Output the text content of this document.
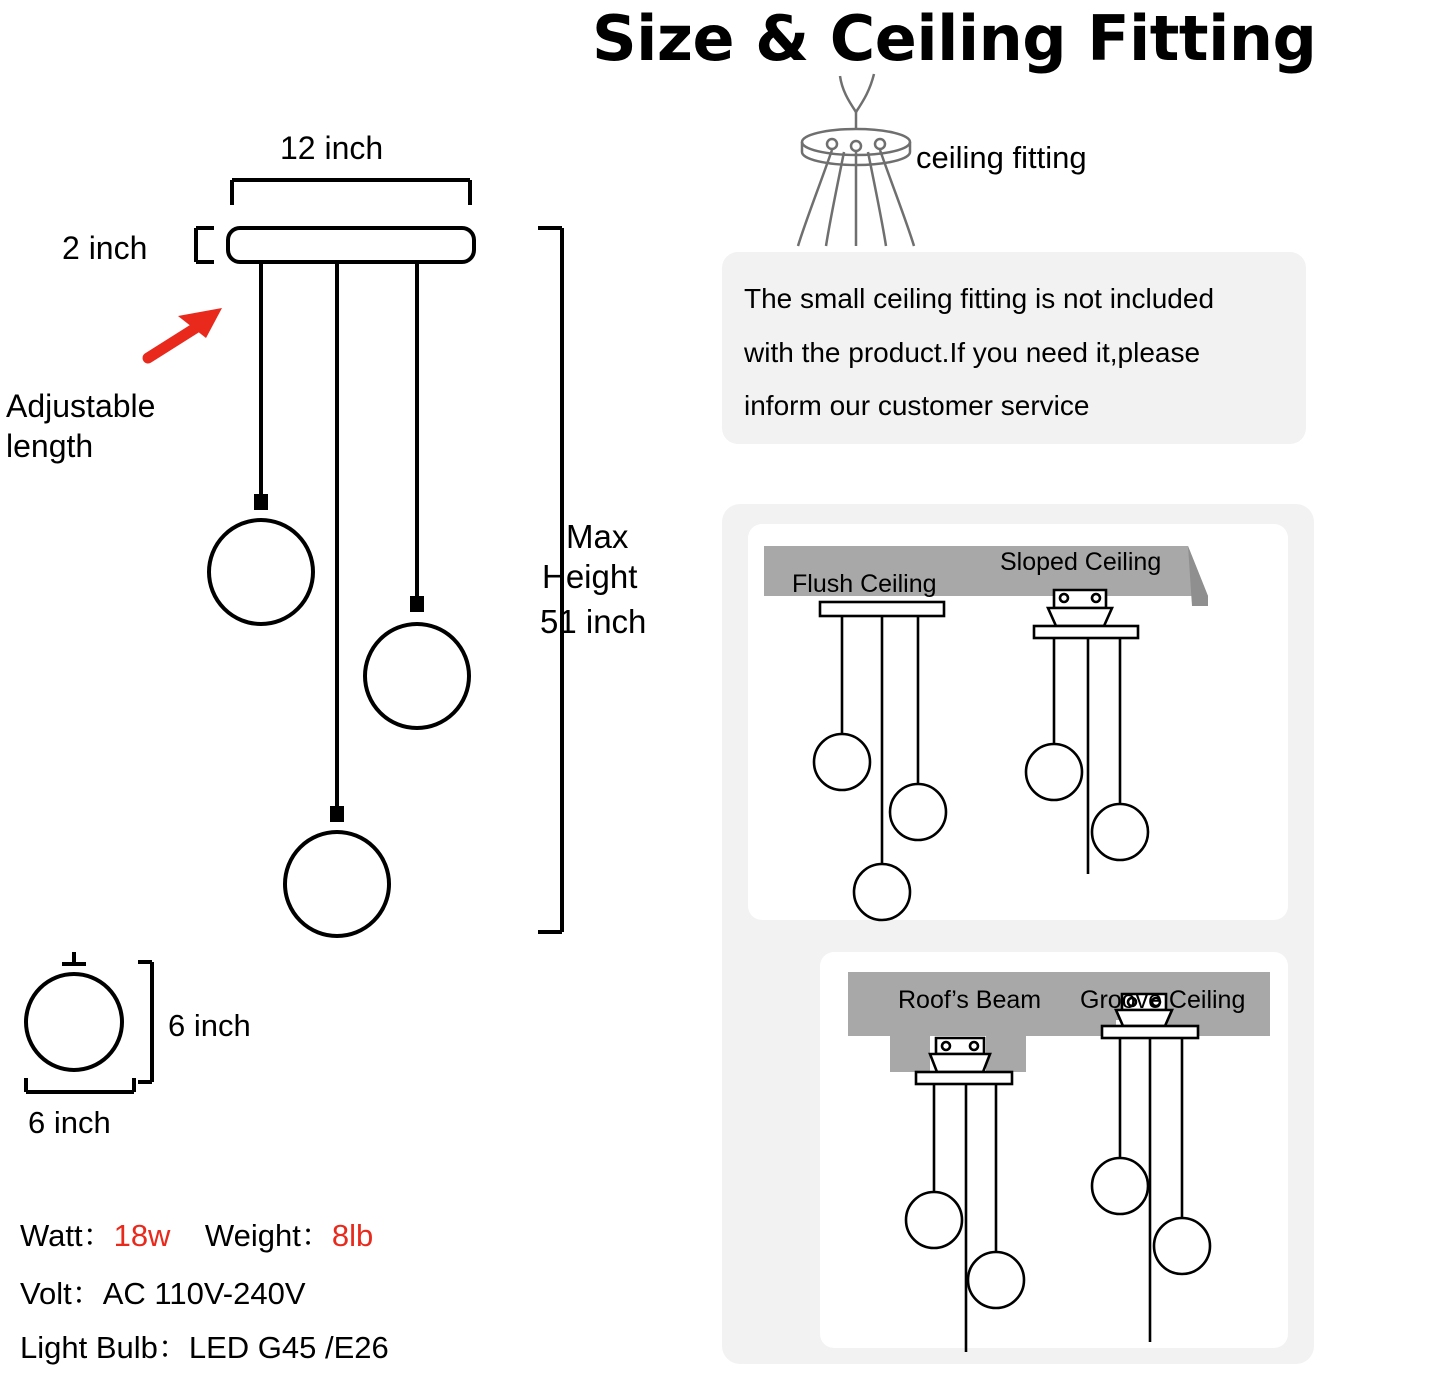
Size & Ceiling Fitting
12 inch
2 inch
Adjustable
length
Max
Height
51 inch
6 inch
6 inch
Watt：18w Weight：8lb
Volt：AC 110V-240V
Light Bulb：LED G45 /E26
ceiling fitting
The small ceiling fitting is not included
with the product.If you need it,please
inform our customer service
Flush Ceiling
Sloped Ceiling
Roof’s Beam Groove Ceiling
